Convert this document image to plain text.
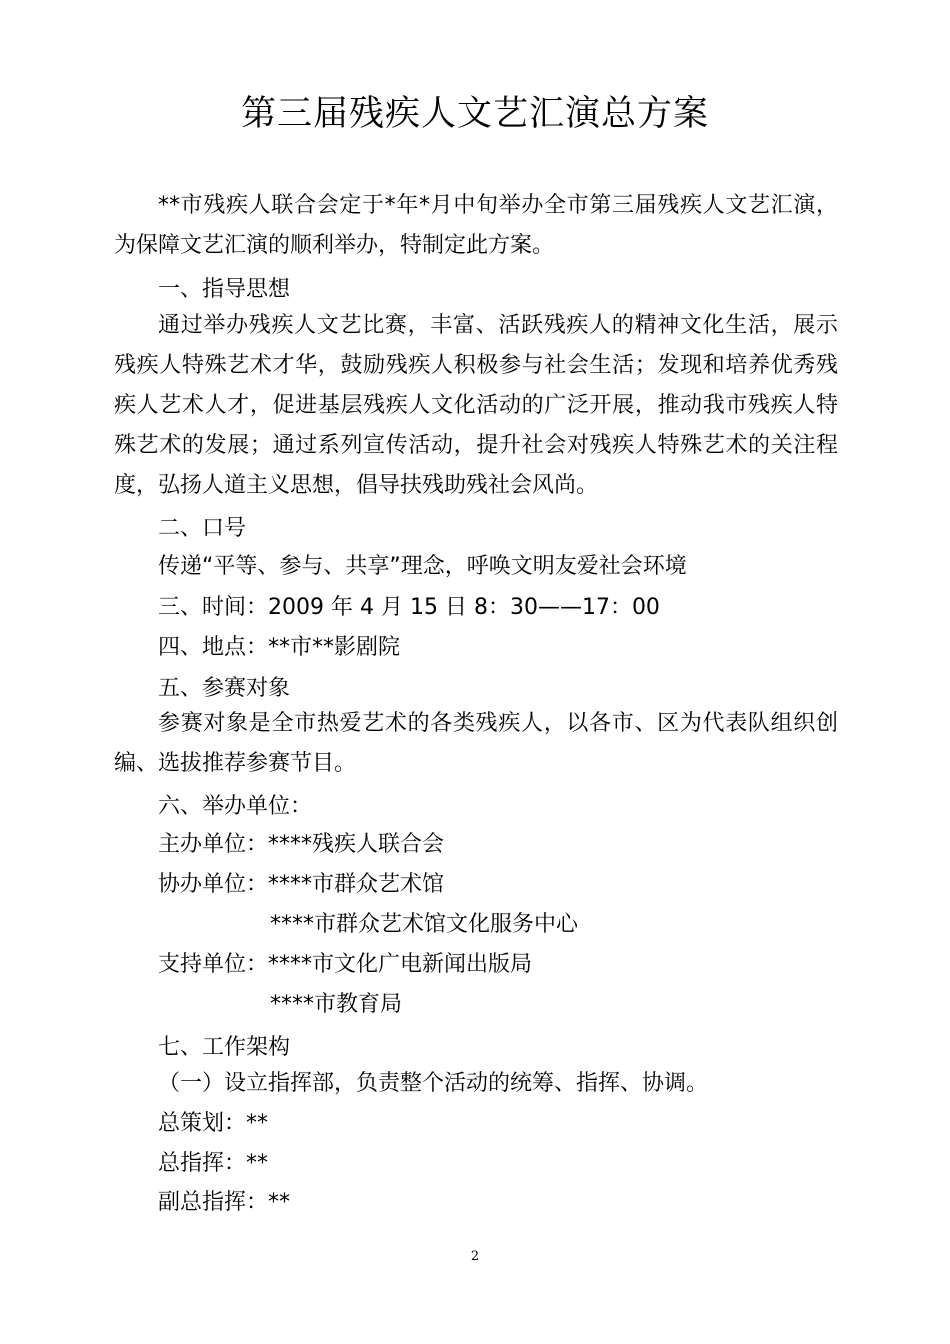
第三届残疾人文艺汇演总方案
**市残疾人联合会定于*年*月中旬举办全市第三届残疾人文艺汇演，为保障文艺汇演的顺利举办，特制定此方案。
一、指导思想
通过举办残疾人文艺比赛，丰富、活跃残疾人的精神文化生活，展示残疾人特殊艺术才华，鼓励残疾人积极参与社会生活；发现和培养优秀残疾人艺术人才，促进基层残疾人文化活动的广泛开展，推动我市残疾人特殊艺术的发展；通过系列宣传活动，提升社会对残疾人特殊艺术的关注程度，弘扬人道主义思想，倡导扶残助残社会风尚。
二、口号
传递“平等、参与、共享”理念，呼唤文明友爱社会环境
三、时间：2009 年 4 月 15 日 8：30——17：00
四、地点：**市**影剧院
五、参赛对象
参赛对象是全市热爱艺术的各类残疾人，以各市、区为代表队组织创编、选拔推荐参赛节目。
六、举办单位：
主办单位：****残疾人联合会
协办单位：****市群众艺术馆
****市群众艺术馆文化服务中心
支持单位：****市文化广电新闻出版局
****市教育局
七、工作架构
（一）设立指挥部，负责整个活动的统筹、指挥、协调。
总策划：**
总指挥：**
副总指挥：**
2
